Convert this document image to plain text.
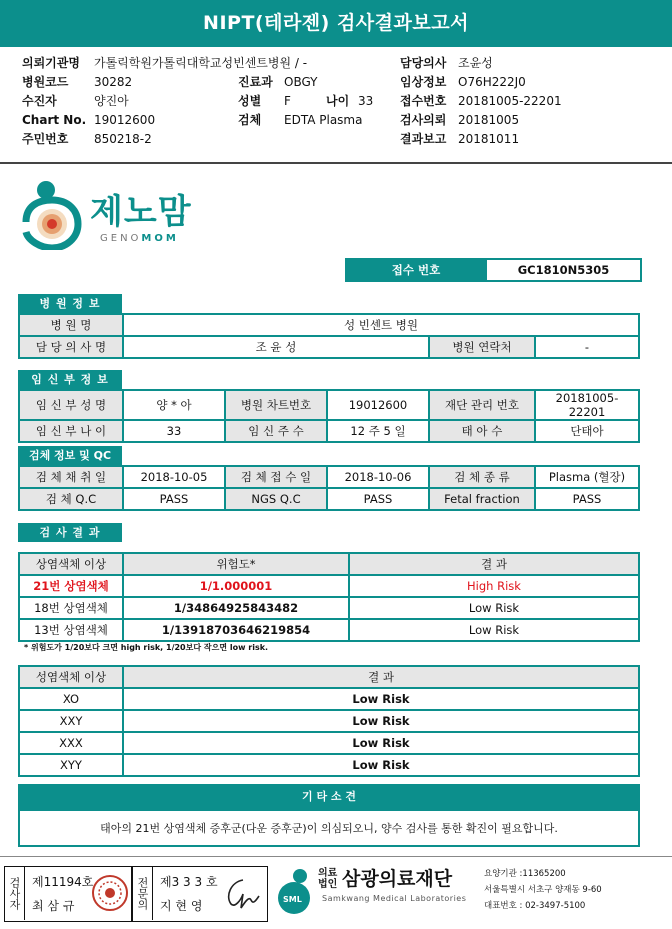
NIPT(테라젠) 검사결과보고서
의뢰기관명 가톨릭학원가톨릭대학교성빈센트병원 / -
병원코드 30282
수진자	양진아
Chart No. 19012600
주민번호 850218-2
진료과 OBGY
성별 F	나이 33
검체 EDTA Plasma
담당의사 조윤성
임상정보 O76H222J0
접수번호 20181005-22201
검사의뢰 20181005
결과보고 20181011
제노맘
GENOMOM
접수 번호	GC1810N5305
병 원 정 보
병 원 명	성 빈센트 병원		
담 당 의 사 명	조 윤 성	병원 연락처	-
임 신 부 정 보
임 신 부 성 명	양 * 아	병원 차트번호	19012600	재단 관리 번호	20181005-22201
임 신 부 나 이	33	임 신 주 수	12 주 5 일	태 아 수	단태아
검체 정보 및 QC
검 체 채 취 일	2018-10-05	검 체 접 수 일	2018-10-06	검 체 종 류	Plasma (혈장)
검 체 Q.C	PASS	NGS Q.C	PASS	Fetal fraction	PASS
검 사 결 과
상염색체 이상	위험도*	결 과
21번 상염색체	1/1.000001	High Risk
18번 상염색체	1/34864925843482	Low Risk
13번 상염색체	1/13918703646219854	Low Risk
* 위험도가 1/20보다 크면 high risk, 1/20보다 작으면 low risk.
성염색체 이상	결 과
XO	Low Risk
XXY	Low Risk
XXX	Low Risk
XYY	Low Risk
기 타 소 견
태아의 21번 상염색체 증후군(다운 증후군)이 의심되오니, 양수 검사를 통한 확진이 필요합니다.
검사자 제11194호
최 삼 규	전문의 제3 3 3 호
지 현 영	SML
의료법인 삼광의료재단
Samkwang Medical Laboratories
요양기관 :11365200
서울특별시 서초구 양재동 9-60
대표번호 : 02-3497-5100
